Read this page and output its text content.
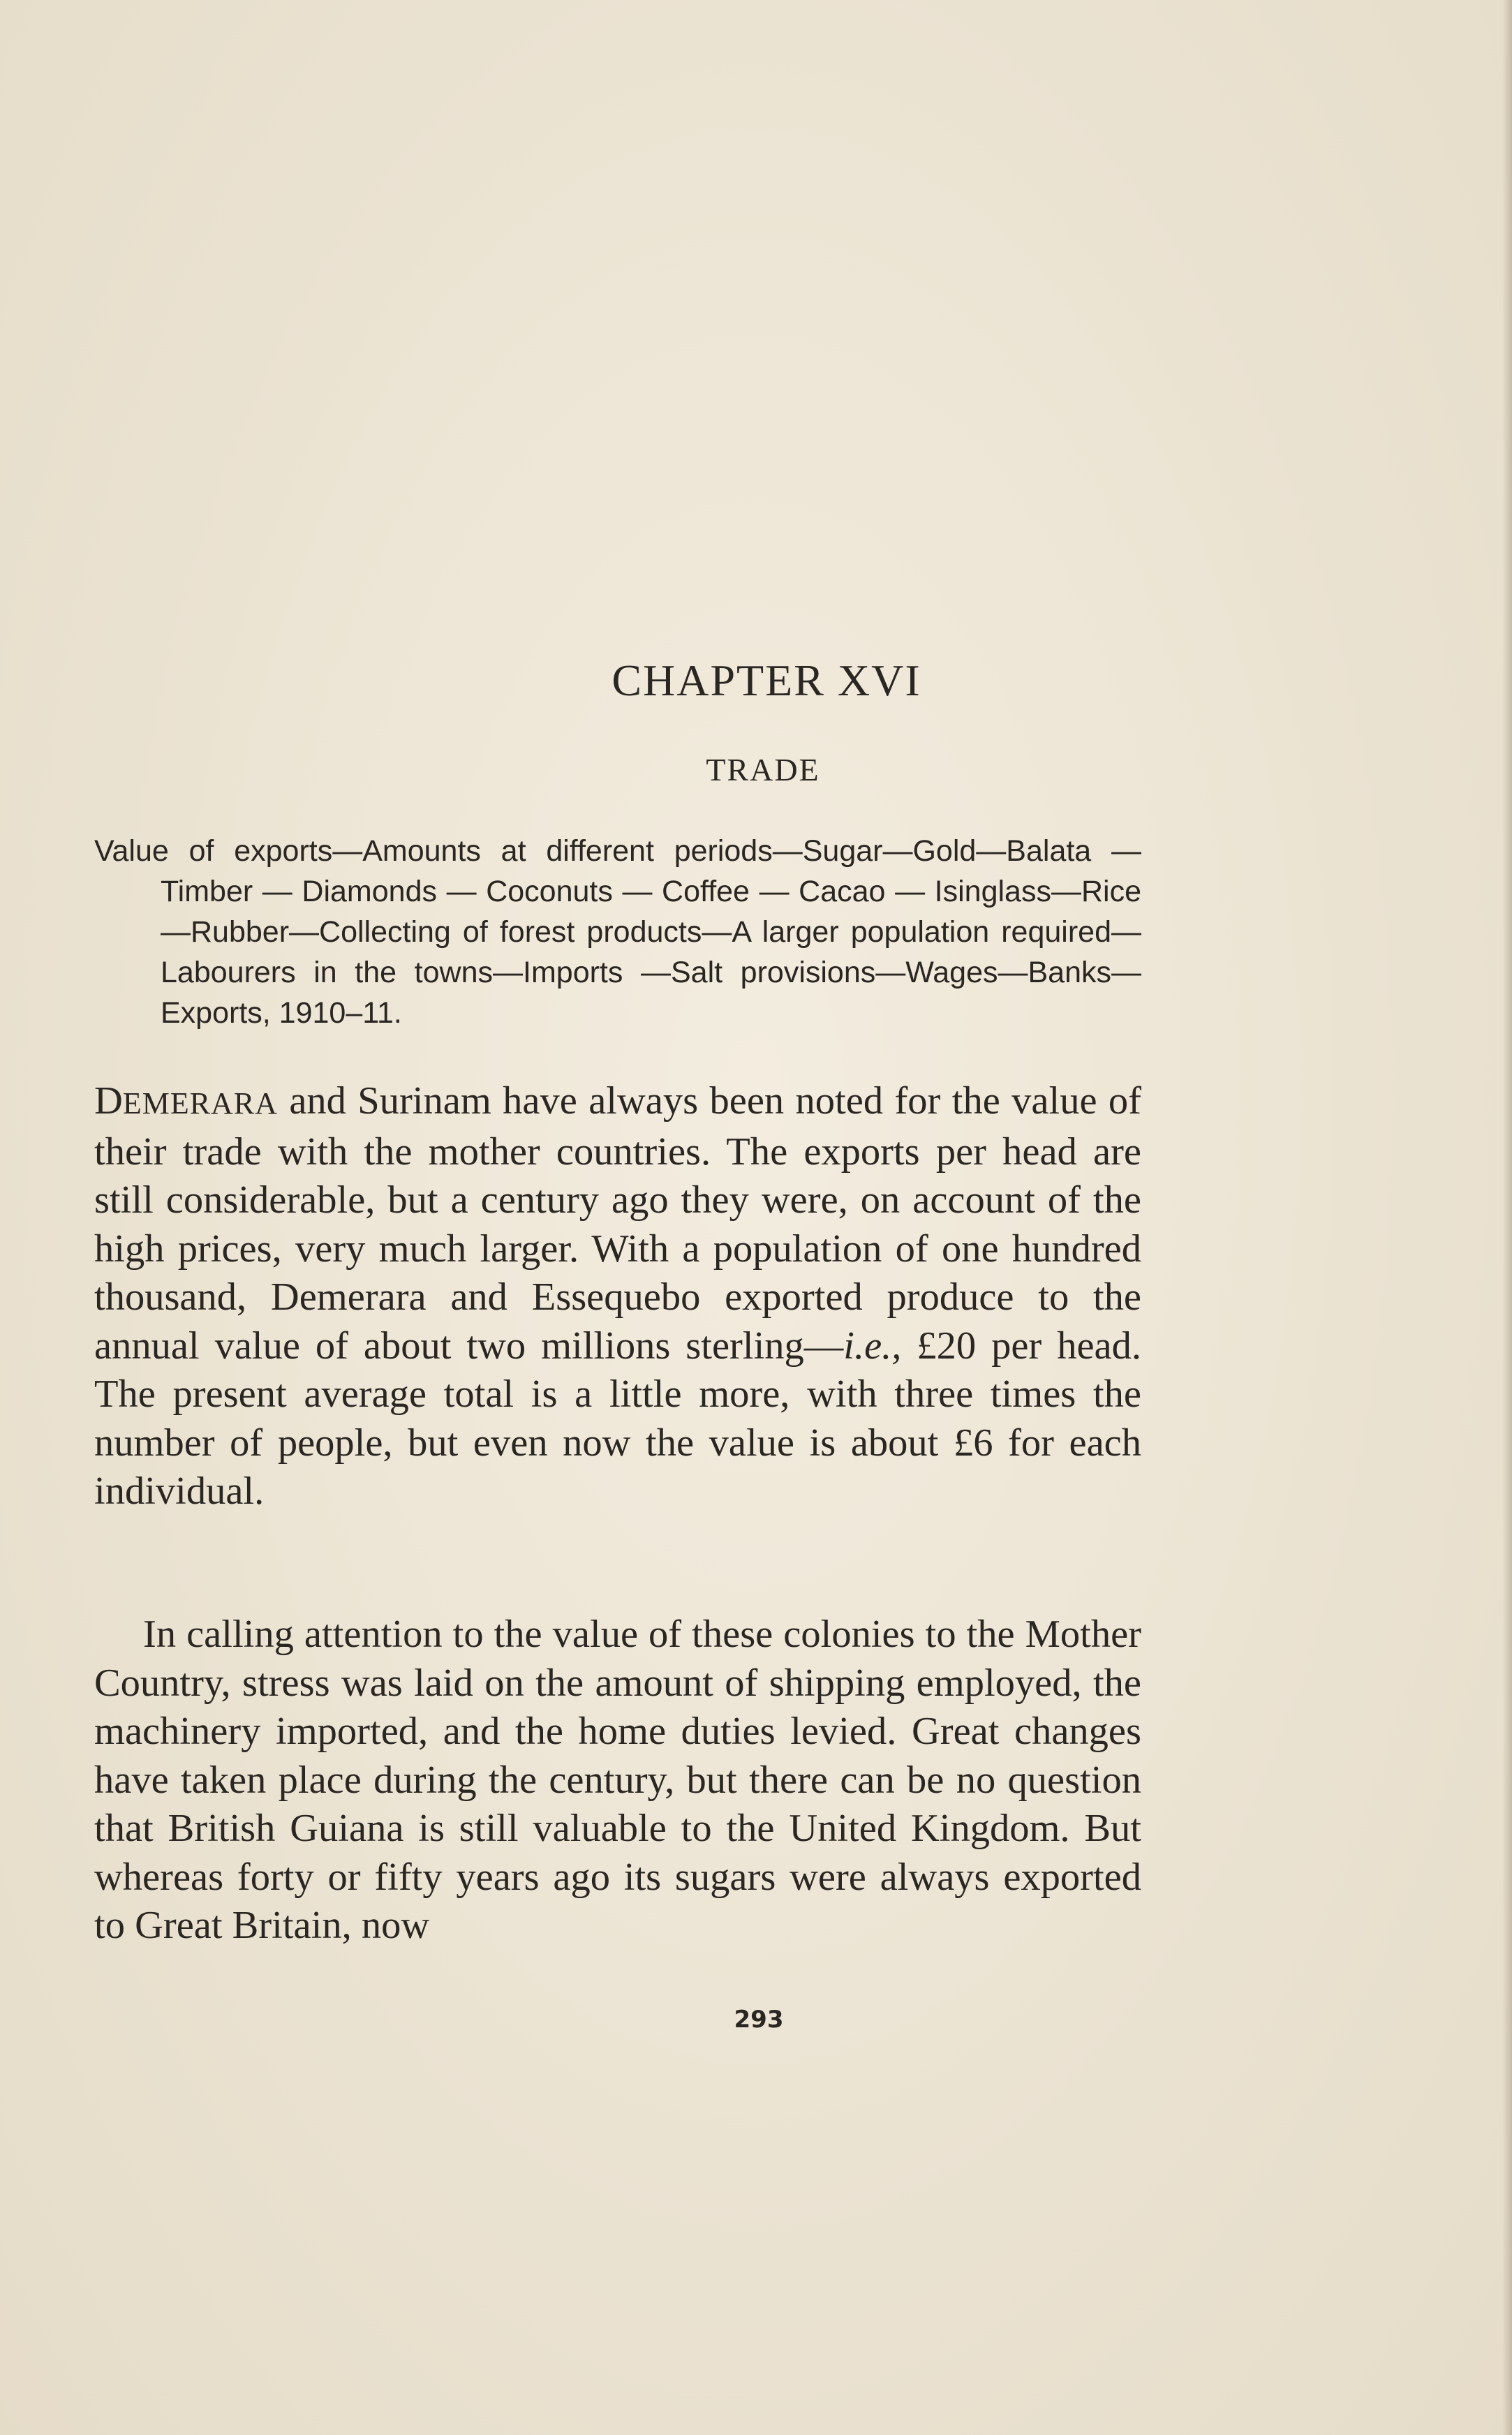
CHAPTER XVI
TRADE
Value of exports—Amounts at different periods—Sugar—Gold—Balata — Timber — Diamonds — Coconuts — Coffee — Cacao — Isinglass—Rice—Rubber—Collecting of forest products—A larger population required—Labourers in the towns—Imports —Salt provisions—Wages—Banks—Exports, 1910–11.
DEMERARA and Surinam have always been noted for the value of their trade with the mother countries. The exports per head are still considerable, but a century ago they were, on account of the high prices, very much larger. With a population of one hundred thousand, Demerara and Essequebo exported produce to the annual value of about two millions sterling—i.e., £20 per head. The present average total is a little more, with three times the number of people, but even now the value is about £6 for each individual.
In calling attention to the value of these colonies to the Mother Country, stress was laid on the amount of shipping employed, the machinery imported, and the home duties levied. Great changes have taken place during the century, but there can be no question that British Guiana is still valuable to the United Kingdom. But whereas forty or fifty years ago its sugars were always exported to Great Britain, now
293
